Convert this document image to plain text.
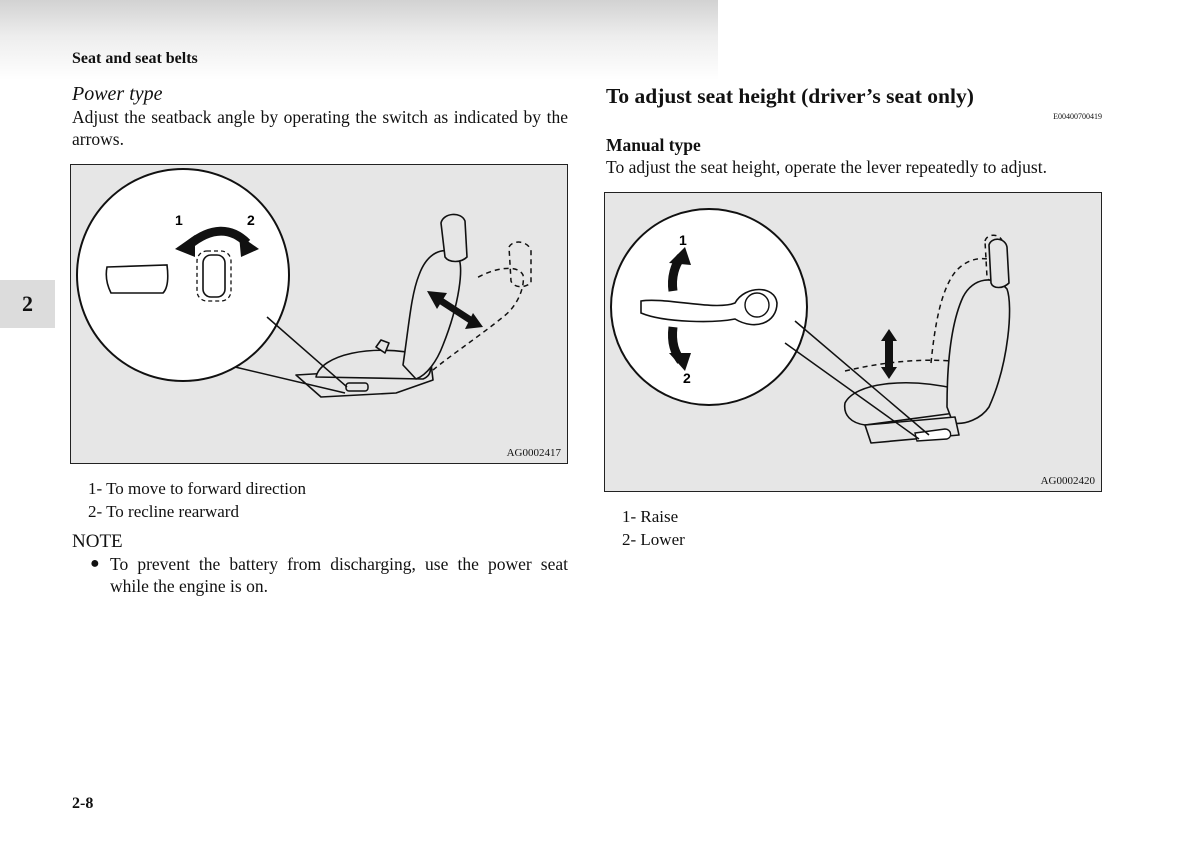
Seat and seat belts
2
Power type
Adjust the seatback angle by operating the switch as indicated by the arrows.
1	2
AG0002417
1- To move to forward direction
2- To recline rearward
NOTE
● To prevent the battery from discharging, use the power seat while the engine is on.
To adjust seat height (driver’s seat only)
E00400700419
Manual type
To adjust the seat height, operate the lever repeatedly to adjust.
1
2
AG0002420
1- Raise
2- Lower
2-8
